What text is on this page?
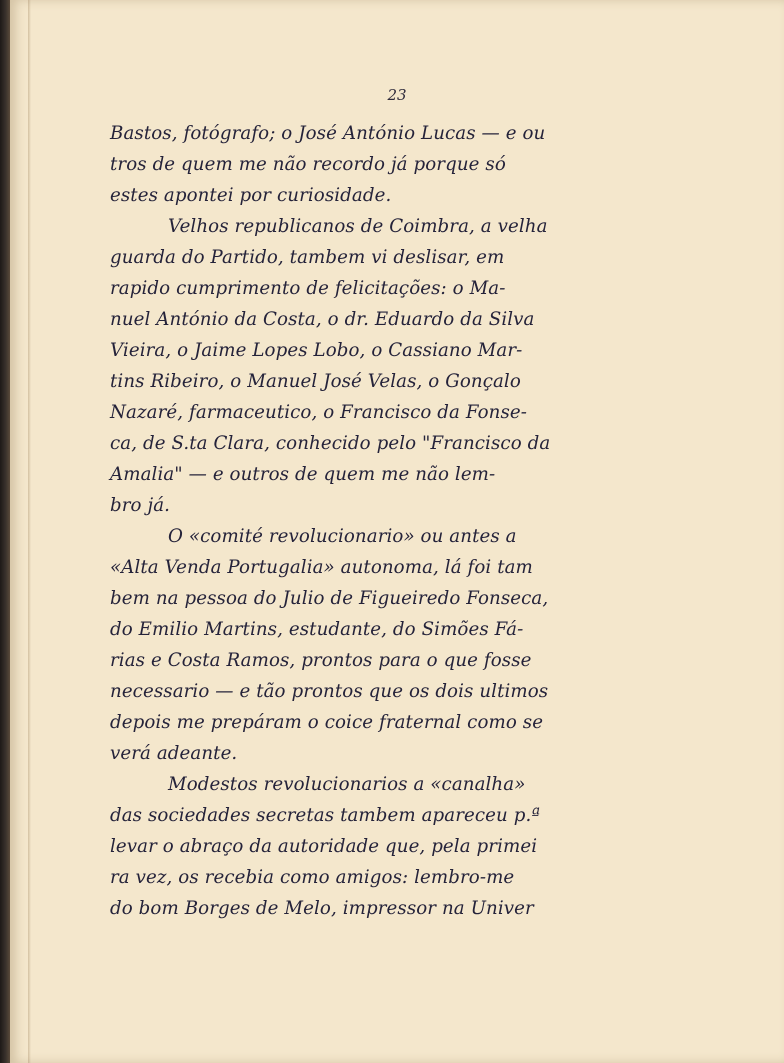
23
Bastos, fotógrafo; o José António Lucas — e ou
tros de quem me não recordo já porque só
estes apontei por curiosidade.
Velhos republicanos de Coimbra, a velha
guarda do Partido, tambem vi deslisar, em
rapido cumprimento de felicitações: o Ma-
nuel António da Costa, o dr. Eduardo da Silva
Vieira, o Jaime Lopes Lobo, o Cassiano Mar-
tins Ribeiro, o Manuel José Velas, o Gonçalo
Nazaré, farmaceutico, o Francisco da Fonse-
ca, de S.ta Clara, conhecido pelo "Francisco da
Amalia" — e outros de quem me não lem-
bro já.
O «comité revolucionario» ou antes a
«Alta Venda Portugalia» autonoma, lá foi tam
bem na pessoa do Julio de Figueiredo Fonseca,
do Emilio Martins, estudante, do Simões Fá-
rias e Costa Ramos, prontos para o que fosse
necessario — e tão prontos que os dois ultimos
depois me prepáram o coice fraternal como se
verá adeante.
Modestos revolucionarios a «canalha»
das sociedades secretas tambem apareceu p.ª
levar o abraço da autoridade que, pela primei
ra vez, os recebia como amigos: lembro-me
do bom Borges de Melo, impressor na Univer
